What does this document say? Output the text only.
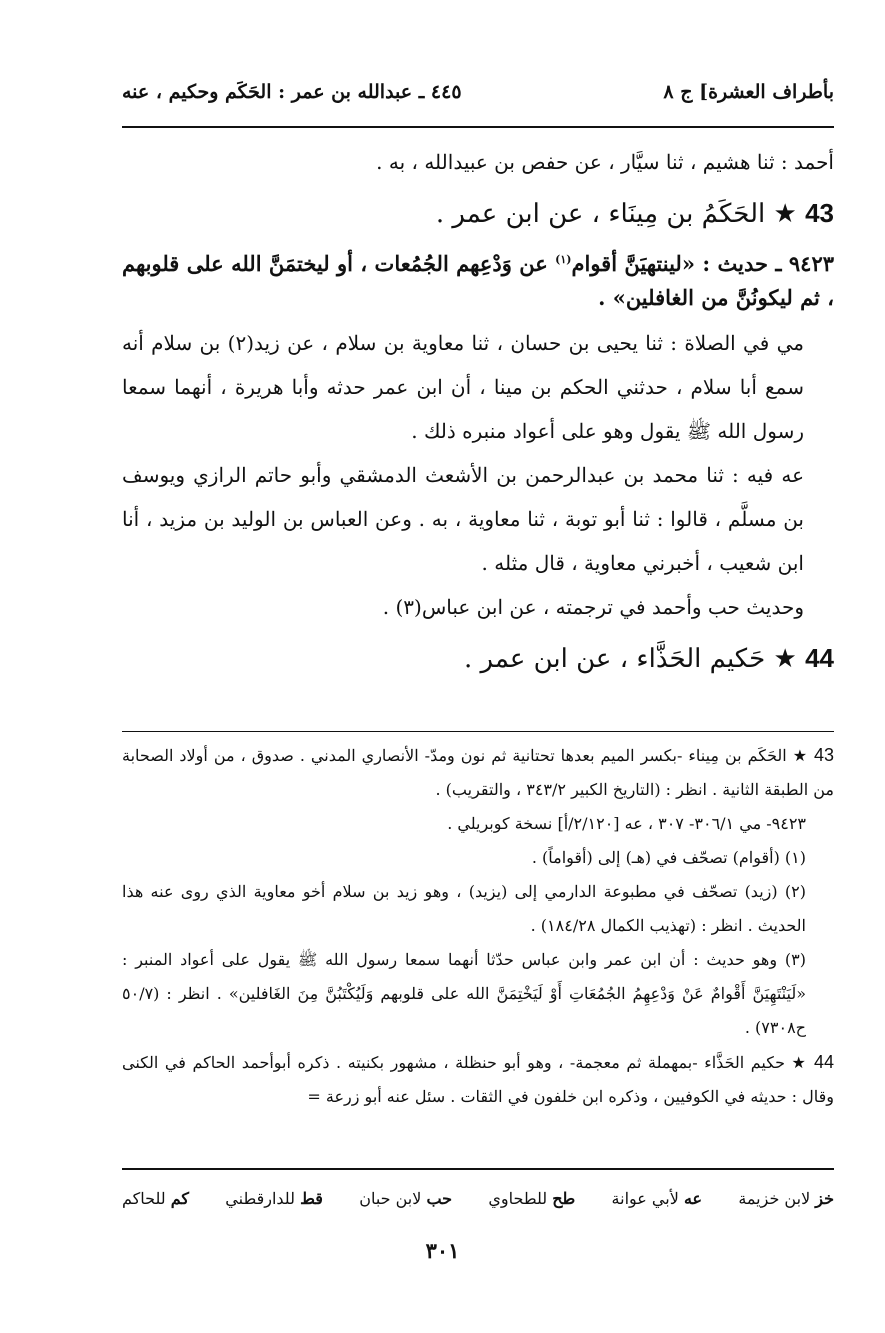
بأطراف العشرة] ج ٨
٤٤٥ ـ عبدالله بن عمر : الحَكَم وحكيم ، عنه

أحمد : ثنا هشيم ، ثنا سيَّار ، عن حفص بن عبيدالله ، به .

43 ★ الحَكَمُ بن مِينَاء ، عن ابن عمر .

٩٤٢٣ ـ حديث : «لينتهيَنَّ أقوام$^{(١)}$ عن وَدْعِهم الجُمُعات ، أو ليختمَنَّ الله على قلوبهم ، ثم ليكونُنَّ من الغافلين» .

مي في الصلاة : ثنا يحيى بن حسان ، ثنا معاوية بن سلام ، عن زيد(٢) بن سلام أنه سمع أبا سلام ، حدثني الحكم بن مينا ، أن ابن عمر حدثه وأبا هريرة ، أنهما سمعا رسول الله ﷺ يقول وهو على أعواد منبره ذلك .

عه فيه : ثنا محمد بن عبدالرحمن بن الأشعث الدمشقي وأبو حاتم الرازي ويوسف بن مسلَّم ، قالوا : ثنا أبو توبة ، ثنا معاوية ، به . وعن العباس بن الوليد بن مزيد ، أنا ابن شعيب ، أخبرني معاوية ، قال مثله .

وحديث حب وأحمد في ترجمته ، عن ابن عباس(٣) .

44 ★ حَكيم الحَذَّاء ، عن ابن عمر .

43 ★ الحَكَم بن مِيناء -بكسر الميم بعدها تحتانية ثم نون ومدّ- الأنصاري المدني . صدوق ، من أولاد الصحابة من الطبقة الثانية . انظر : (التاريخ الكبير ٣٤٣/٢ ، والتقريب) .

٩٤٢٣- مي ٣٠٦/١- ٣٠٧ ، عه [٢/١٢٠/أ] نسخة كوبريلي .

(١) (أقوام) تصحّف في (هـ) إلى (أقواماً) .

(٢) (زيد) تصحّف في مطبوعة الدارمي إلى (يزيد) ، وهو زيد بن سلام أخو معاوية الذي روى عنه هذا الحديث . انظر : (تهذيب الكمال ١٨٤/٢٨) .

(٣) وهو حديث : أن ابن عمر وابن عباس حدّثا أنهما سمعا رسول الله ﷺ يقول على أعواد المنبر : «لَيَنْتَهِيَنَّ أَقْوامٌ عَنْ وَدْعِهِمُ الجُمُعَاتِ أَوْ لَيَخْتِمَنَّ الله على قلوبهم وَلَيُكْتَبُنَّ مِنَ الغَافلين» . انظر : (٥٠/٧ ح٧٣٠٨) .

44 ★ حكيم الحَذَّاء -بمهملة ثم معجمة- ، وهو أبو حنظلة ، مشهور بكنيته . ذكره أبوأحمد الحاكم في الكنى وقال : حديثه في الكوفيين ، وذكره ابن خلفون في الثقات . سئل عنه أبو زرعة =

خز لابن خزيمة
عه لأبي عوانة
طح للطحاوي
حب لابن حبان
قط للدارقطني
كم للحاكم
٣٠١
